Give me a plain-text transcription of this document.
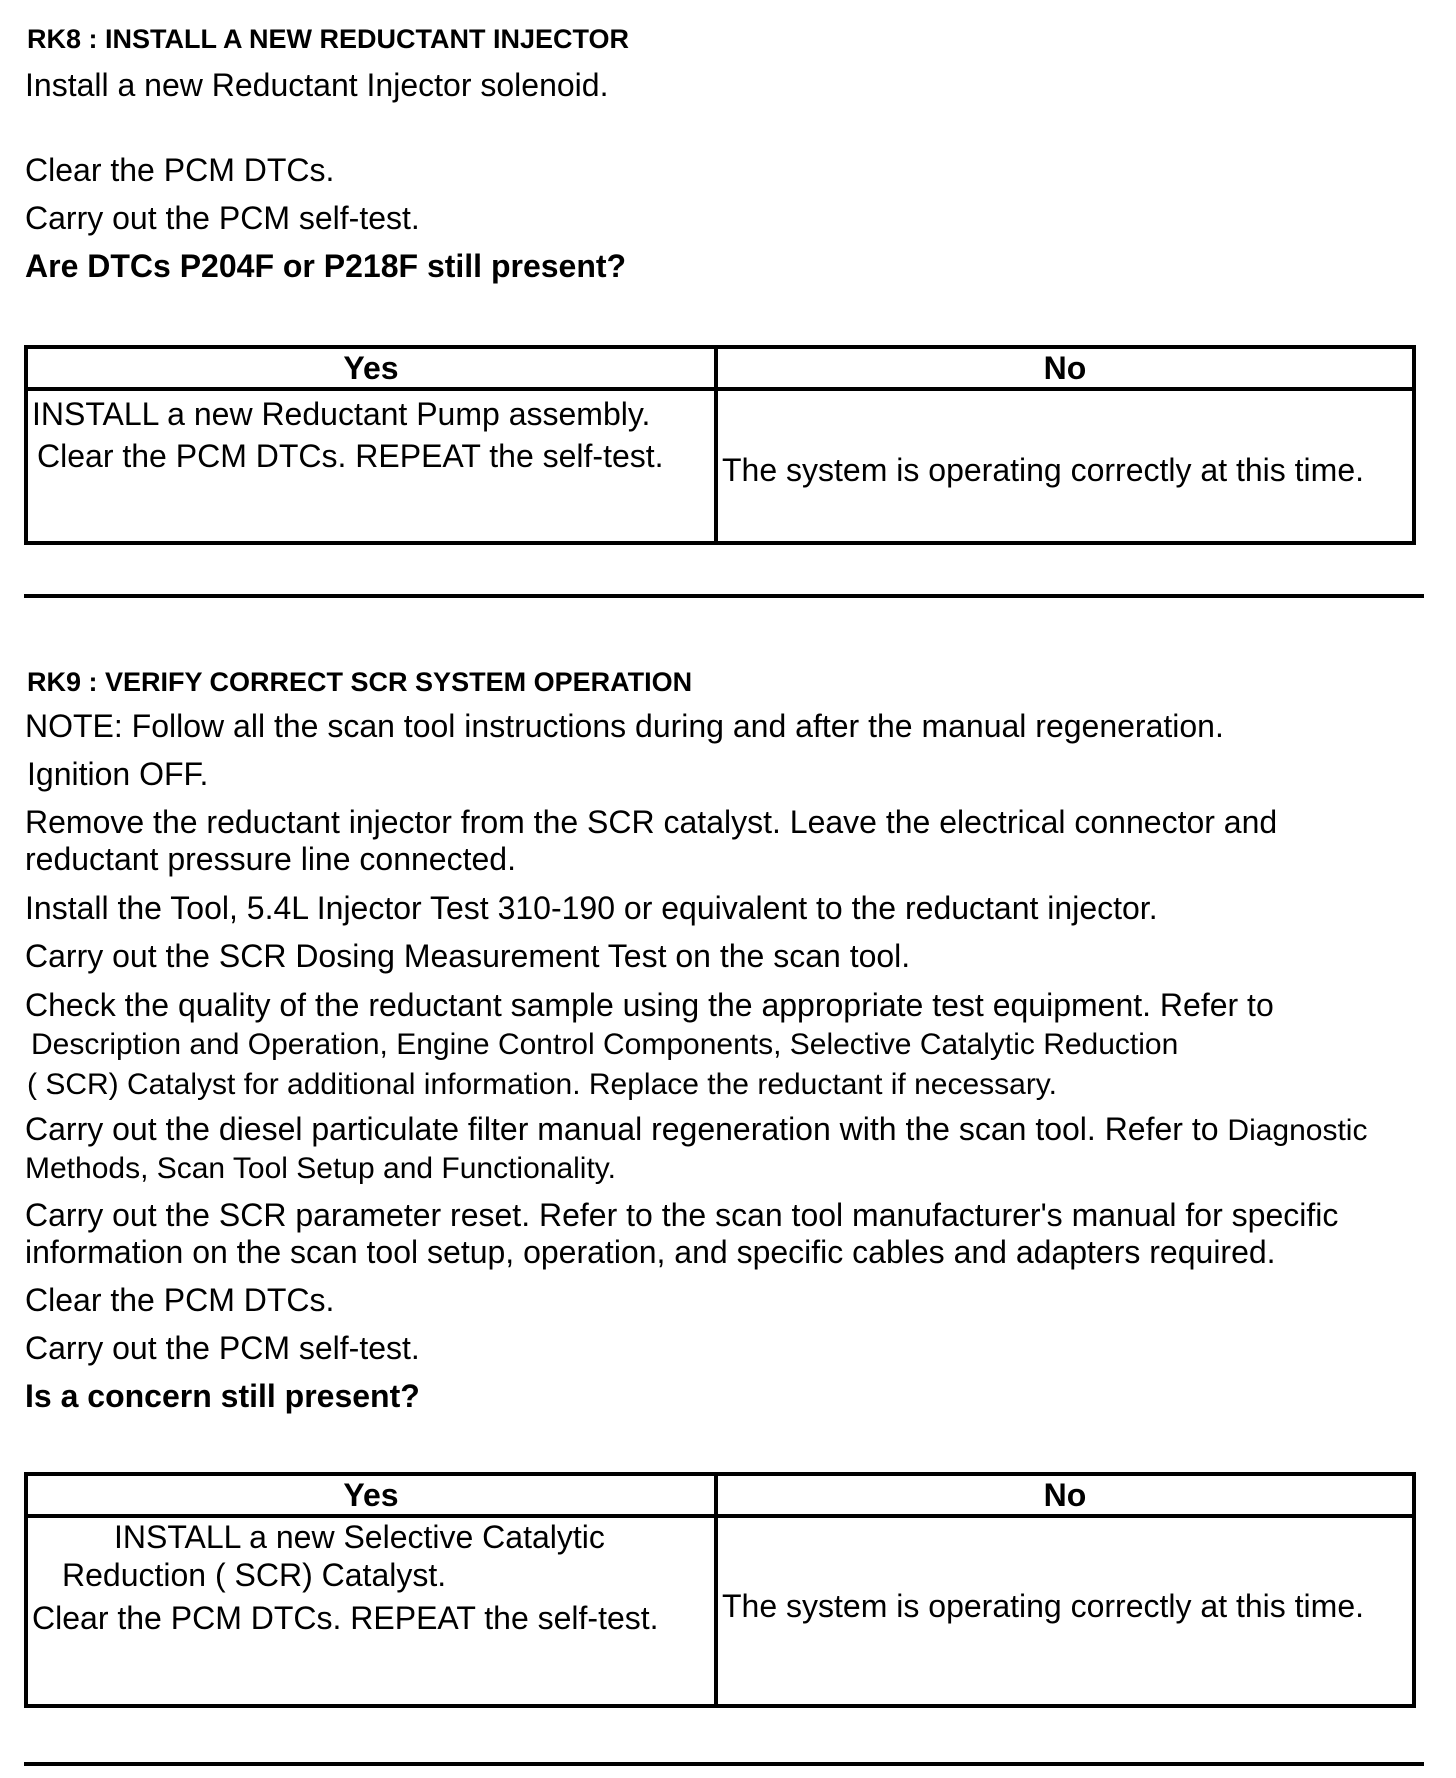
RK8 : INSTALL A NEW REDUCTANT INJECTOR
Install a new Reductant Injector solenoid.
Clear the PCM DTCs.
Carry out the PCM self-test.
Are DTCs P204F or P218F still present?
Yes	No

INSTALL a new Reductant Pump assembly.
Clear the PCM DTCs. REPEAT the self-test.	The system is operating correctly at this time.
RK9 : VERIFY CORRECT SCR SYSTEM OPERATION
NOTE: Follow all the scan tool instructions during and after the manual regeneration.
Ignition OFF.
Remove the reductant injector from the SCR catalyst. Leave the electrical connector and
reductant pressure line connected.
Install the Tool, 5.4L Injector Test 310-190 or equivalent to the reductant injector.
Carry out the SCR Dosing Measurement Test on the scan tool.
Check the quality of the reductant sample using the appropriate test equipment. Refer to
Description and Operation, Engine Control Components, Selective Catalytic Reduction
( SCR) Catalyst for additional information. Replace the reductant if necessary.
Carry out the diesel particulate filter manual regeneration with the scan tool. Refer to Diagnostic
Methods, Scan Tool Setup and Functionality.
Carry out the SCR parameter reset. Refer to the scan tool manufacturer's manual for specific
information on the scan tool setup, operation, and specific cables and adapters required.
Clear the PCM DTCs.
Carry out the PCM self-test.
Is a concern still present?
Yes	No

INSTALL a new Selective Catalytic
Reduction ( SCR) Catalyst.
Clear the PCM DTCs. REPEAT the self-test.	The system is operating correctly at this time.
